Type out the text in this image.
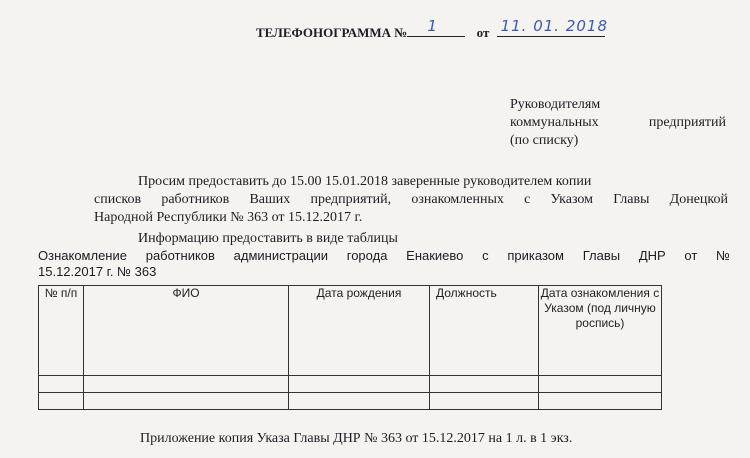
ТЕЛЕФОНОГРАММА № 1	от 11. 01. 2018
Руководителям
коммунальных	предприятий
(по списку)
Просим предоставить до 15.00 15.01.2018 заверенные руководителем копии
списков работников Ваших предприятий, ознакомленных с Указом Главы Донецкой
Народной Республики № 363 от 15.12.2017 г.
Информацию предоставить в виде таблицы
Ознакомление работников администрации города Енакиево с приказом Главы ДНР от №
15.12.2017 г. № 363
№ п/п	ФИО	Дата рождения	Должность	Дата ознакомления с Указом (под личную роспись)

Приложение копия Указа Главы ДНР № 363 от 15.12.2017 на 1 л. в 1 экз.
